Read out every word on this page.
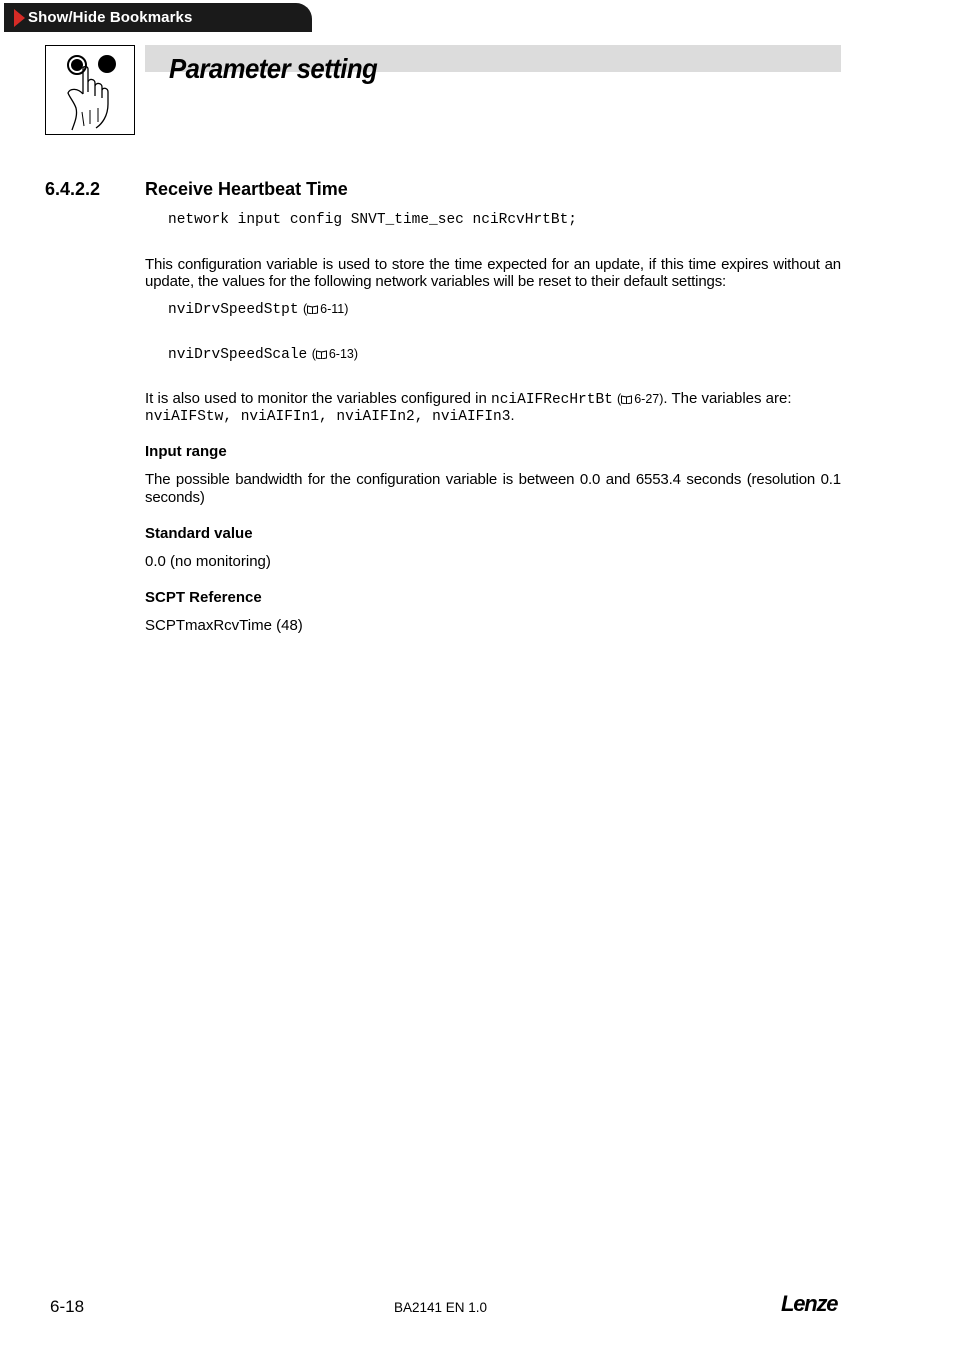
Show/Hide Bookmarks
Parameter setting
6.4.2.2 Receive Heartbeat Time
network input config SNVT_time_sec nciRcvHrtBt;
This configuration variable is used to store the time expected for an update, if this time expires without an update, the values for the following network variables will be reset to their default settings:
nviDrvSpeedStpt ( 6-11)
nviDrvSpeedScale ( 6-13)
It is also used to monitor the variables configured in nciAIFRecHrtBt ( 6-27). The variables are:
nviAIFStw, nviAIFIn1, nviAIFIn2, nviAIFIn3.
Input range
The possible bandwidth for the configuration variable is between 0.0 and 6553.4 seconds (resolution 0.1 seconds)
Standard value
0.0 (no monitoring)
SCPT Reference
SCPTmaxRcvTime (48)
6-18	BA2141 EN 1.0	Lenze
